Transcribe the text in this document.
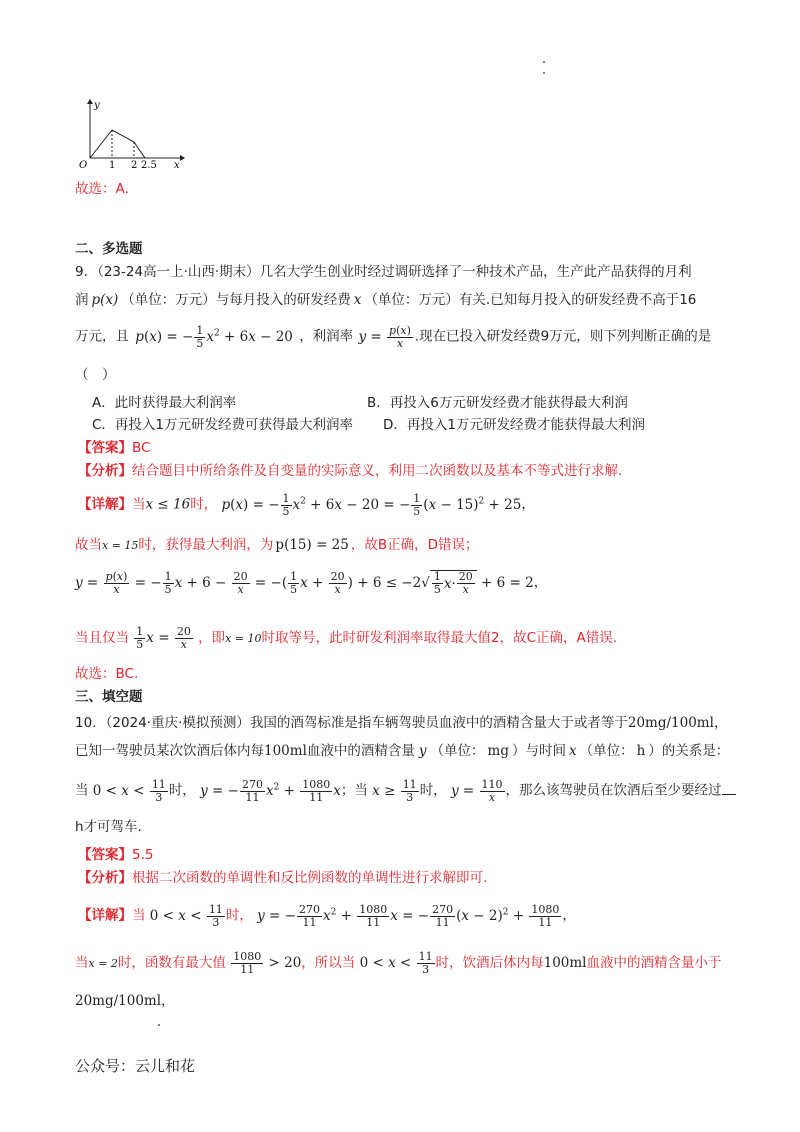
y
x
O 1 2 2.5
故选：A．
二、多选题
9．（23-24高一上·山西·期末）几名大学生创业时经过调研选择了一种技术产品，生产此产品获得的月利
润 p(x) （单位：万元）与每月投入的研发经费 x （单位：万元）有关.已知每月投入的研发经费不高于16
万元，且 p(x) = − $\frac{1}{5} x^2 + 6x - 20$ ，利润率 $y = \frac{p(x)}{x}$ .现在已投入研发经费9万元，则下列判断正确的是
（　）
A．此时获得最大利润率	B．再投入6万元研发经费才能获得最大利润
C．再投入1万元研发经费可获得最大利润率 D．再投入1万元研发经费才能获得最大利润
【答案】BC
【分析】结合题目中所给条件及自变量的实际意义，利用二次函数以及基本不等式进行求解.
【详解】当x ≤ 16时， p(x) = − $\frac{1}{5} x^2 + 6x - 20$ = − $\frac{1}{5} (x - 15)^2 + 25$，
故当x = 15时，获得最大利润，为 p(15) = 25 ，故B正确，D错误；
$y = \frac{p(x)}{x}$ = − $\frac{1}{5}$ $x + 6 - \frac{20}{x}$ = −( $\frac{1}{5}$ $x + \frac{20}{x}$ ) + $6 \le -2√ \frac{1}{5}$ $x \cdot \frac{20}{x} + 6 = 2$，
当且仅当 $\frac{1}{5}$ $x = \frac{20}{x}$ ，即x = 10时取等号，此时研发利润率取得最大值2，故C正确，A错误.
故选：BC.
三、填空题
10．（2024·重庆·模拟预测）我国的酒驾标准是指车辆驾驶员血液中的酒精含量大于或者等于20mg/100ml，
已知一驾驶员某次饮酒后体内每100ml血液中的酒精含量 y （单位： mg ）与时间 x （单位： h ）的关系是：
当 $0 < x < \frac{11}{3}$ 时， y = − $\frac{270}{11} x^2 + \frac{1080}{11}$ x；当 $x \ge \frac{11}{3}$ 时， $y = \frac{110}{x}$ ，那么该驾驶员在饮酒后至少要经过
h才可驾车.
【答案】5.5
【分析】根据二次函数的单调性和反比例函数的单调性进行求解即可.
【详解】当 $0 < x < \frac{11}{3}$ 时， y = − $\frac{270}{11} x^2 + \frac{1080}{11}$ x = − $\frac{270}{11} (x - 2)^2 + \frac{1080}{11}$ ，
当x = 2时，函数有最大值 $\frac{1080}{11} > 20$，所以当 $0 < x < \frac{11}{3}$ 时，饮酒后体内每100ml血液中的酒精含量小于
20mg/100ml，
公众号：云儿和花
